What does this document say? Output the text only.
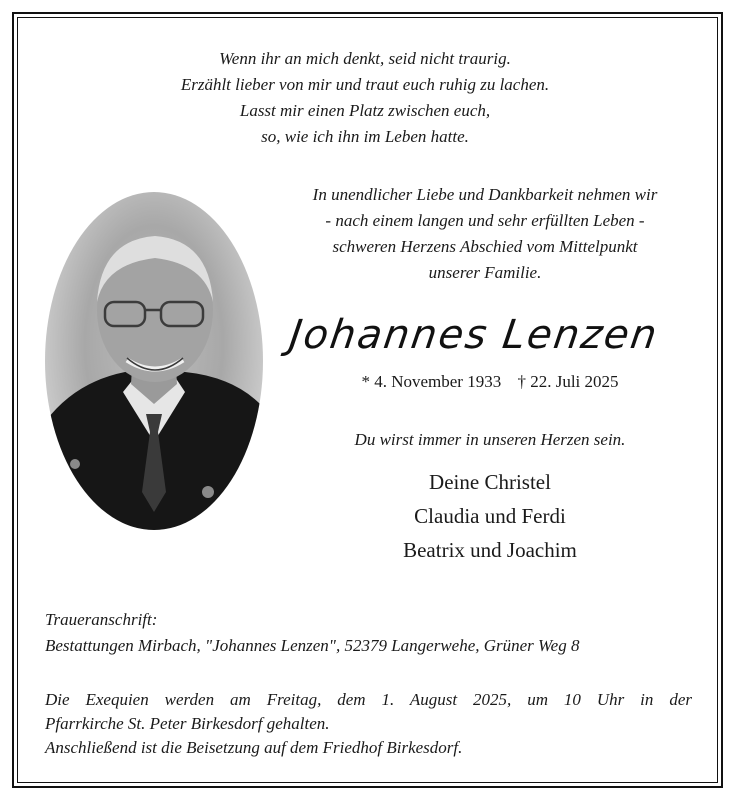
Wenn ihr an mich denkt, seid nicht traurig.
Erzählt lieber von mir und traut euch ruhig zu lachen.
Lasst mir einen Platz zwischen euch,
so, wie ich ihn im Leben hatte.
In unendlicher Liebe und Dankbarkeit nehmen wir
- nach einem langen und sehr erfüllten Leben -
schweren Herzens Abschied vom Mittelpunkt
unserer Familie.
Johannes Lenzen
* 4. November 1933 † 22. Juli 2025
Du wirst immer in unseren Herzen sein.
Deine Christel
Claudia und Ferdi
Beatrix und Joachim
Traueranschrift:
Bestattungen Mirbach, "Johannes Lenzen", 52379 Langerwehe, Grüner Weg 8
Die Exequien werden am Freitag, dem 1. August 2025, um 10 Uhr in der
Pfarrkirche St. Peter Birkesdorf gehalten.
Anschließend ist die Beisetzung auf dem Friedhof Birkesdorf.
